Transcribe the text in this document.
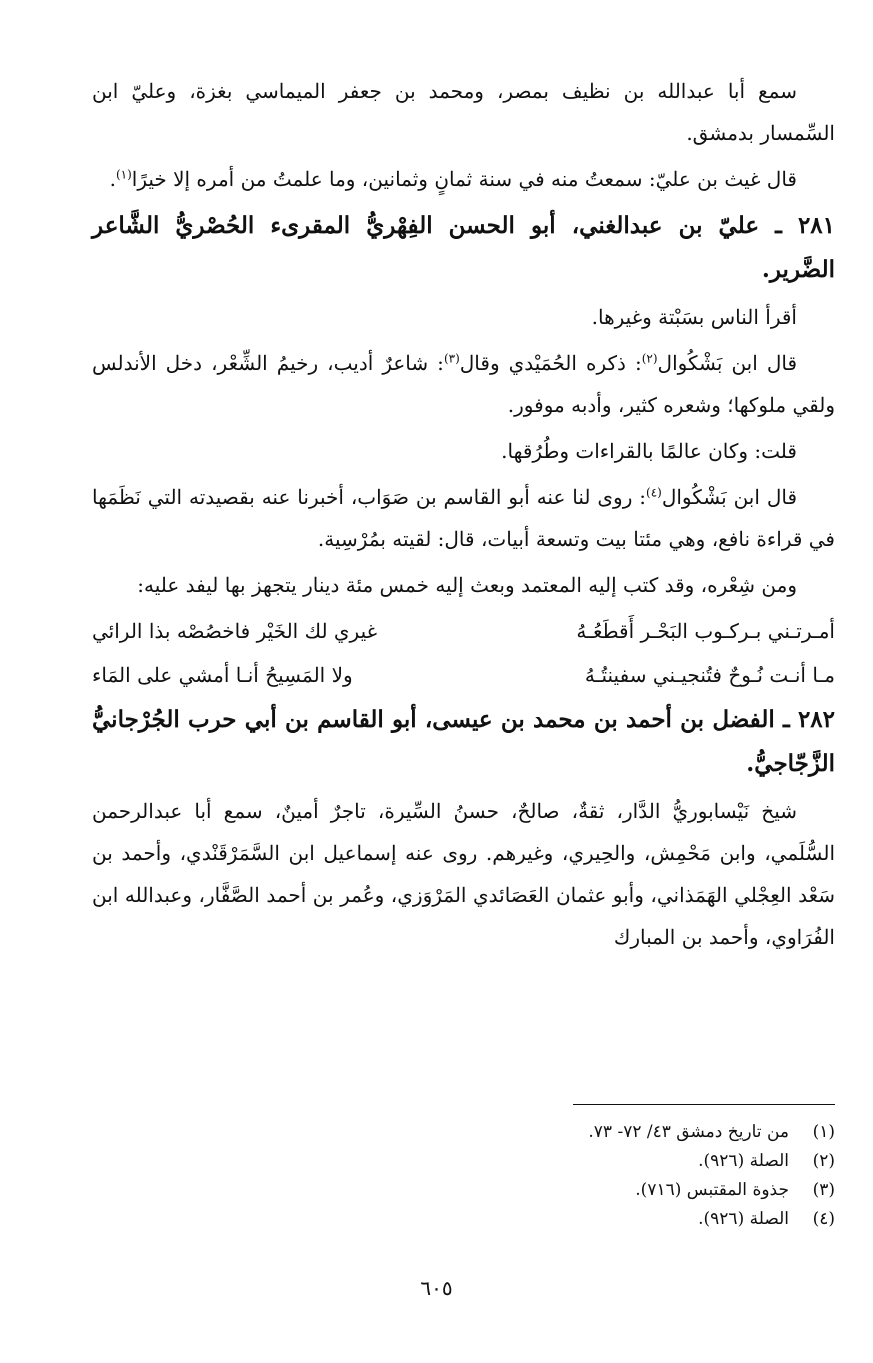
سمع أبا عبدالله بن نظيف بمصر، ومحمد بن جعفر الميماسي بغزة، وعليّ ابن السِّمسار بدمشق.

قال غيث بن عليّ: سمعتُ منه في سنة ثمانٍ وثمانين، وما علمتُ من أمره إلا خيرًا$^{(١)}$.

٢٨١ ـ عليّ بن عبدالغني، أبو الحسن الفِهْريُّ المقرىء الحُصْريُّ الشَّاعر الضَّرير.

أقرأ الناس بسَبْتة وغيرها.

قال ابن بَشْكُوال$^{(٢)}$: ذكره الحُمَيْدي وقال$^{(٣)}$: شاعرٌ أديب، رخيمُ الشِّعْر، دخل الأندلس ولقي ملوكها؛ وشعره كثير، وأدبه موفور.

قلت: وكان عالمًا بالقراءات وطُرُقها.

قال ابن بَشْكُوال$^{(٤)}$: روى لنا عنه أبو القاسم بن صَوَاب، أخبرنا عنه بقصيدته التي نَظَمَها في قراءة نافع، وهي مئتا بيت وتسعة أبيات، قال: لقيته بمُرْسِية.

ومن شِعْره، وقد كتب إليه المعتمد وبعث إليه خمس مئة دينار يتجهز بها ليفد عليه:

أمـرتـني بـركـوب البَحْـر أَقطَعُـهُ
غيري لك الخَيْر فاخصُصْه بذا الرائي
مـا أنـت نُـوحٌ فتُنجيـني سفينتُـهُ
ولا المَسِيحُ أنـا أمشي على المَاء

٢٨٢ ـ الفضل بن أحمد بن محمد بن عيسى، أبو القاسم بن أبي حرب الجُرْجانيُّ الزَّجّاجيُّ.

شيخ نَيْسابوريُّ الدَّار، ثقةٌ، صالحٌ، حسنُ السِّيرة، تاجرٌ أمينٌ، سمع أبا عبدالرحمن السُّلَمي، وابن مَحْمِش، والحِيري، وغيرهم. روى عنه إسماعيل ابن السَّمَرْقَنْدي، وأحمد بن سَعْد العِجْلي الهَمَذاني، وأبو عثمان العَصَائدي المَرْوَزي، وعُمر بن أحمد الصَّفَّار، وعبدالله ابن الفُرَاوي، وأحمد بن المبارك

(١)
من تاريخ دمشق ٤٣/ ٧٢- ٧٣.
(٢)
الصلة (٩٢٦).
(٣)
جذوة المقتبس (٧١٦).
(٤)
الصلة (٩٢٦).
٦٠٥
